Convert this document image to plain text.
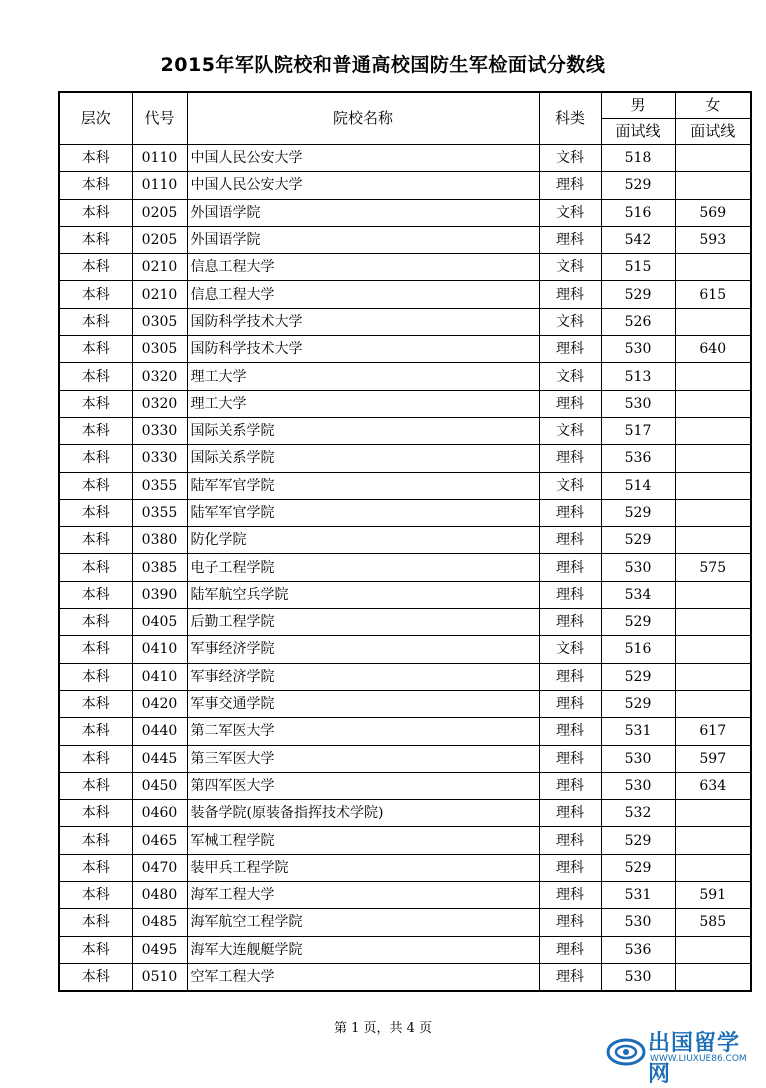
2015年军队院校和普通高校国防生军检面试分数线
层次	代号	院校名称	科类	男	女
				面试线	面试线
本科	0110	中国人民公安大学	文科	518	
本科	0110	中国人民公安大学	理科	529	
本科	0205	外国语学院	文科	516	569
本科	0205	外国语学院	理科	542	593
本科	0210	信息工程大学	文科	515	
本科	0210	信息工程大学	理科	529	615
本科	0305	国防科学技术大学	文科	526	
本科	0305	国防科学技术大学	理科	530	640
本科	0320	理工大学	文科	513	
本科	0320	理工大学	理科	530	
本科	0330	国际关系学院	文科	517	
本科	0330	国际关系学院	理科	536	
本科	0355	陆军军官学院	文科	514	
本科	0355	陆军军官学院	理科	529	
本科	0380	防化学院	理科	529	
本科	0385	电子工程学院	理科	530	575
本科	0390	陆军航空兵学院	理科	534	
本科	0405	后勤工程学院	理科	529	
本科	0410	军事经济学院	文科	516	
本科	0410	军事经济学院	理科	529	
本科	0420	军事交通学院	理科	529	
本科	0440	第二军医大学	理科	531	617
本科	0445	第三军医大学	理科	530	597
本科	0450	第四军医大学	理科	530	634
本科	0460	装备学院(原装备指挥技术学院)	理科	532	
本科	0465	军械工程学院	理科	529	
本科	0470	装甲兵工程学院	理科	529	
本科	0480	海军工程大学	理科	531	591
本科	0485	海军航空工程学院	理科	530	585
本科	0495	海军大连舰艇学院	理科	536	
本科	0510	空军工程大学	理科	530	
第 1 页，共 4 页
出国留学网
WWW.LIUXUE86.COM
